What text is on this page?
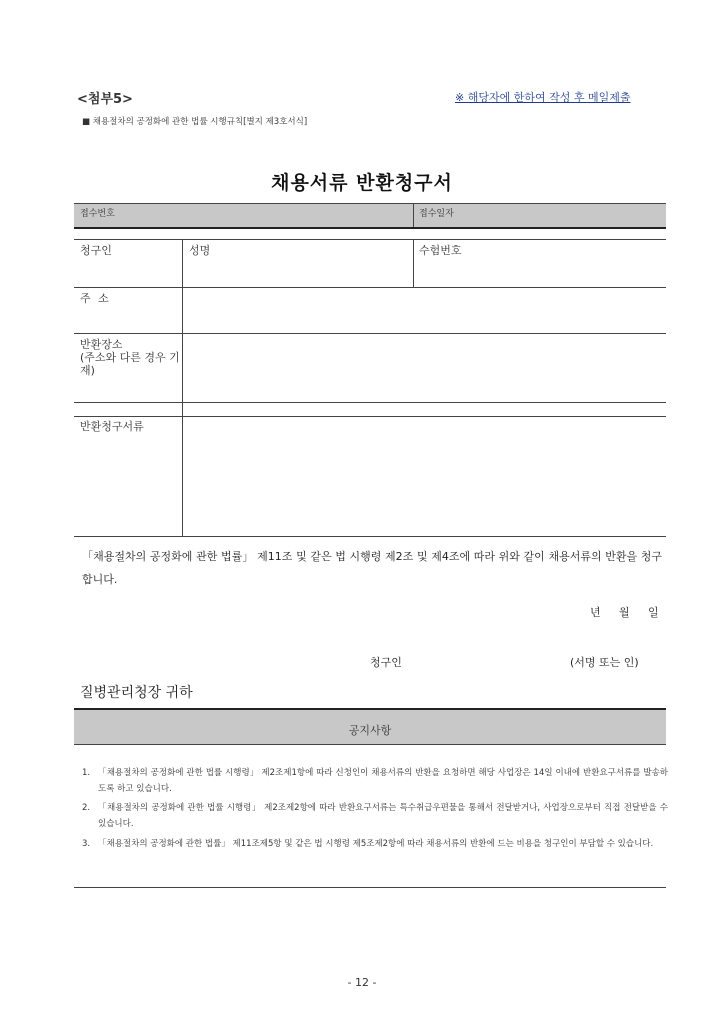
<첨부5>	※ 해당자에 한하여 작성 후 메일제출
■ 채용절차의 공정화에 관한 법률 시행규칙[별지 제3호서식]
채용서류 반환청구서
접수번호	접수일자
청구인	성명	수험번호
주 소
반환장소
(주소와 다른 경우 기재)
반환청구서류
「채용절차의 공정화에 관한 법률」 제11조 및 같은 법 시행령 제2조 및 제4조에 따라 위와 같이 채용서류의 반환을 청구합니다.
년 월 일
청구인	(서명 또는 인)
질병관리청장 귀하
공지사항
1. 「채용절차의 공정화에 관한 법률 시행령」 제2조제1항에 따라 신청인이 채용서류의 반환을 요청하면 해당 사업장은 14일 이내에 반환요구서류를 발송하도록 하고 있습니다.
2. 「채용절차의 공정화에 관한 법률 시행령」 제2조제2항에 따라 반환요구서류는 특수취급우편물을 통해서 전달받거나, 사업장으로부터 직접 전달받을 수 있습니다.
3. 「채용절차의 공정화에 관한 법률」 제11조제5항 및 같은 법 시행령 제5조제2항에 따라 채용서류의 반환에 드는 비용을 청구인이 부담할 수 있습니다.
- 12 -
